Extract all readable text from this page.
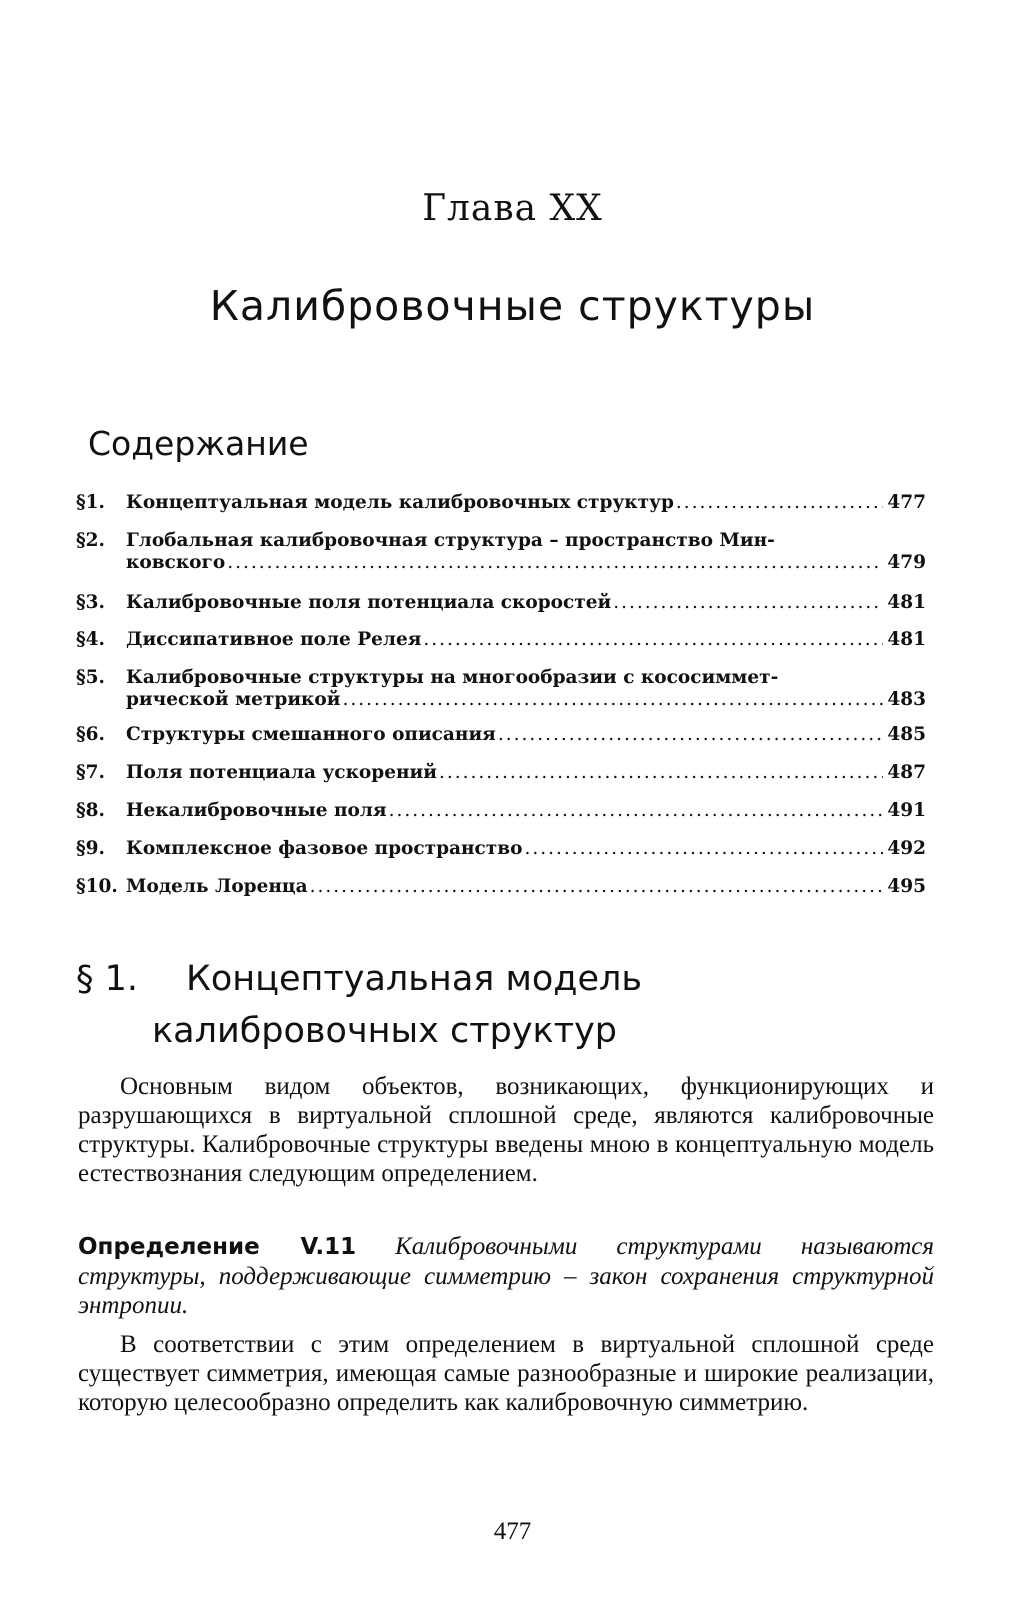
Глава XX
Калибровочные структуры
Содержание
§1.	Концептуальная модель калибровочных структур .....	477
§2.	Глобальная калибровочная структура – пространство Мин-
ковского .....	479
§3.	Калибровочные поля потенциала скоростей .....	481
§4.	Диссипативное поле Релея .....	481
§5.	Калибровочные структуры на многообразии с кососиммет-
рической метрикой .....	483
§6.	Структуры смешанного описания .....	485
§7.	Поля потенциала ускорений .....	487
§8.	Некалибровочные поля .....	491
§9.	Комплексное фазовое пространство .....	492
§10. Модель Лоренца .....	495
§ 1. Концептуальная модель
калибровочных структур
Основным видом объектов, возникающих, функционирующих и разрушающихся в виртуальной сплошной среде, являются калибровочные структуры. Калибровочные структуры введены мною в концептуальную модель естествознания следующим определением.
Определение V.11 Калибровочными структурами называются структуры, поддерживающие симметрию – закон сохранения структурной энтропии.
В соответствии с этим определением в виртуальной сплошной среде существует симметрия, имеющая самые разнообразные и широкие реализации, которую целесообразно определить как калибровочную симметрию.
477
